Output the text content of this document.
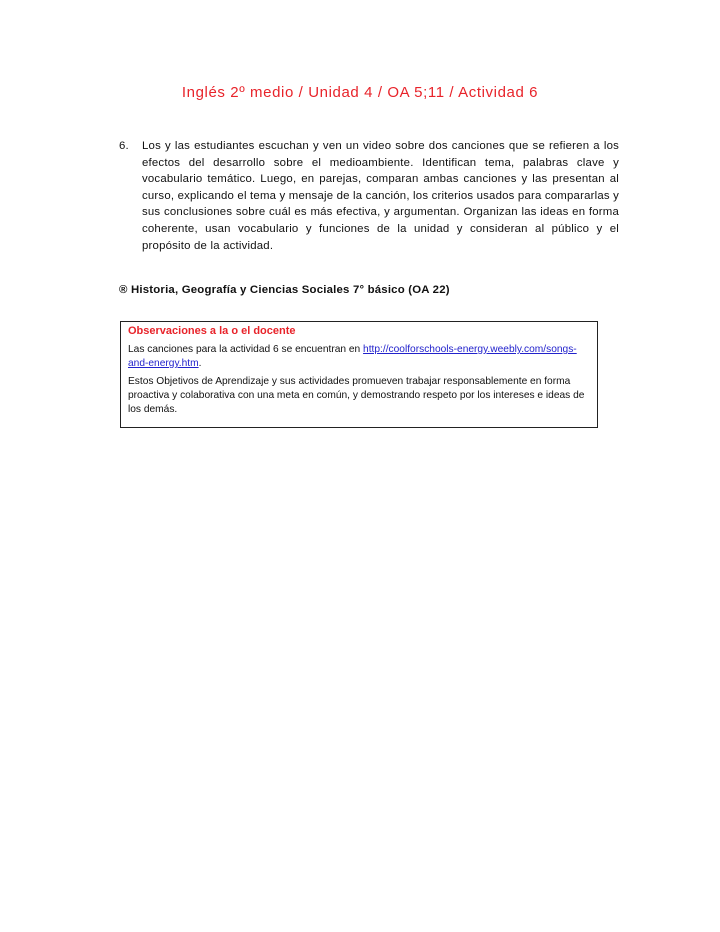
Inglés 2º medio / Unidad 4 / OA 5;11 / Actividad 6
6. Los y las estudiantes escuchan y ven un video sobre dos canciones que se refieren a los efectos del desarrollo sobre el medioambiente. Identifican tema, palabras clave y vocabulario temático. Luego, en parejas, comparan ambas canciones y las presentan al curso, explicando el tema y mensaje de la canción, los criterios usados para compararlas y sus conclusiones sobre cuál es más efectiva, y argumentan. Organizan las ideas en forma coherente, usan vocabulario y funciones de la unidad y consideran al público y el propósito de la actividad.
® Historia, Geografía y Ciencias Sociales 7° básico (OA 22)
Observaciones a la o el docente

Las canciones para la actividad 6 se encuentran en http://coolforschools-energy.weebly.com/songs-and-energy.htm.

Estos Objetivos de Aprendizaje y sus actividades promueven trabajar responsablemente en forma proactiva y colaborativa con una meta en común, y demostrando respeto por los intereses e ideas de los demás.
